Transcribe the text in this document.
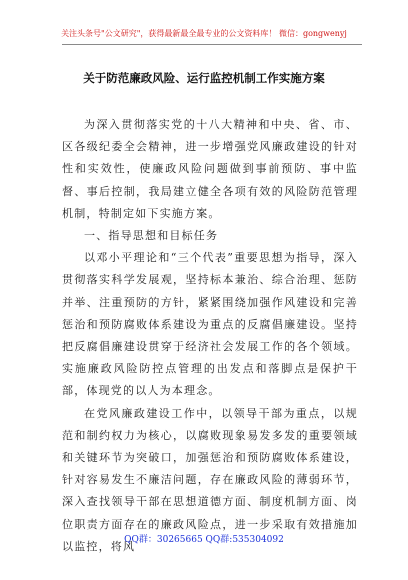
关注头条号"公文研究"，获得最新最全最专业的公文资料库！ 微信：gongwenyj
关于防范廉政风险、运行监控机制工作实施方案

为深入贯彻落实党的十八大精神和中央、省、市、区各级纪委全会精神，进一步增强党风廉政建设的针对性和实效性，使廉政风险问题做到事前预防、事中监督、事后控制，我局建立健全各项有效的风险防范管理机制，特制定如下实施方案。

一、指导思想和目标任务

以邓小平理论和“三个代表”重要思想为指导，深入贯彻落实科学发展观，坚持标本兼治、综合治理、惩防并举、注重预防的方针，紧紧围绕加强作风建设和完善惩治和预防腐败体系建设为重点的反腐倡廉建设。坚持把反腐倡廉建设贯穿于经济社会发展工作的各个领域。实施廉政风险防控点管理的出发点和落脚点是保护干部，体现党的以人为本理念。

在党风廉政建设工作中，以领导干部为重点，以规范和制约权力为核心，以腐败现象易发多发的重要领域和关键环节为突破口，加强惩治和预防腐败体系建设，针对容易发生不廉洁问题，存在廉政风险的薄弱环节，深入查找领导干部在思想道德方面、制度机制方面、岗位职责方面存在的廉政风险点，进一步采取有效措施加以监控，将风

QQ群：30265665 QQ群:535304092
